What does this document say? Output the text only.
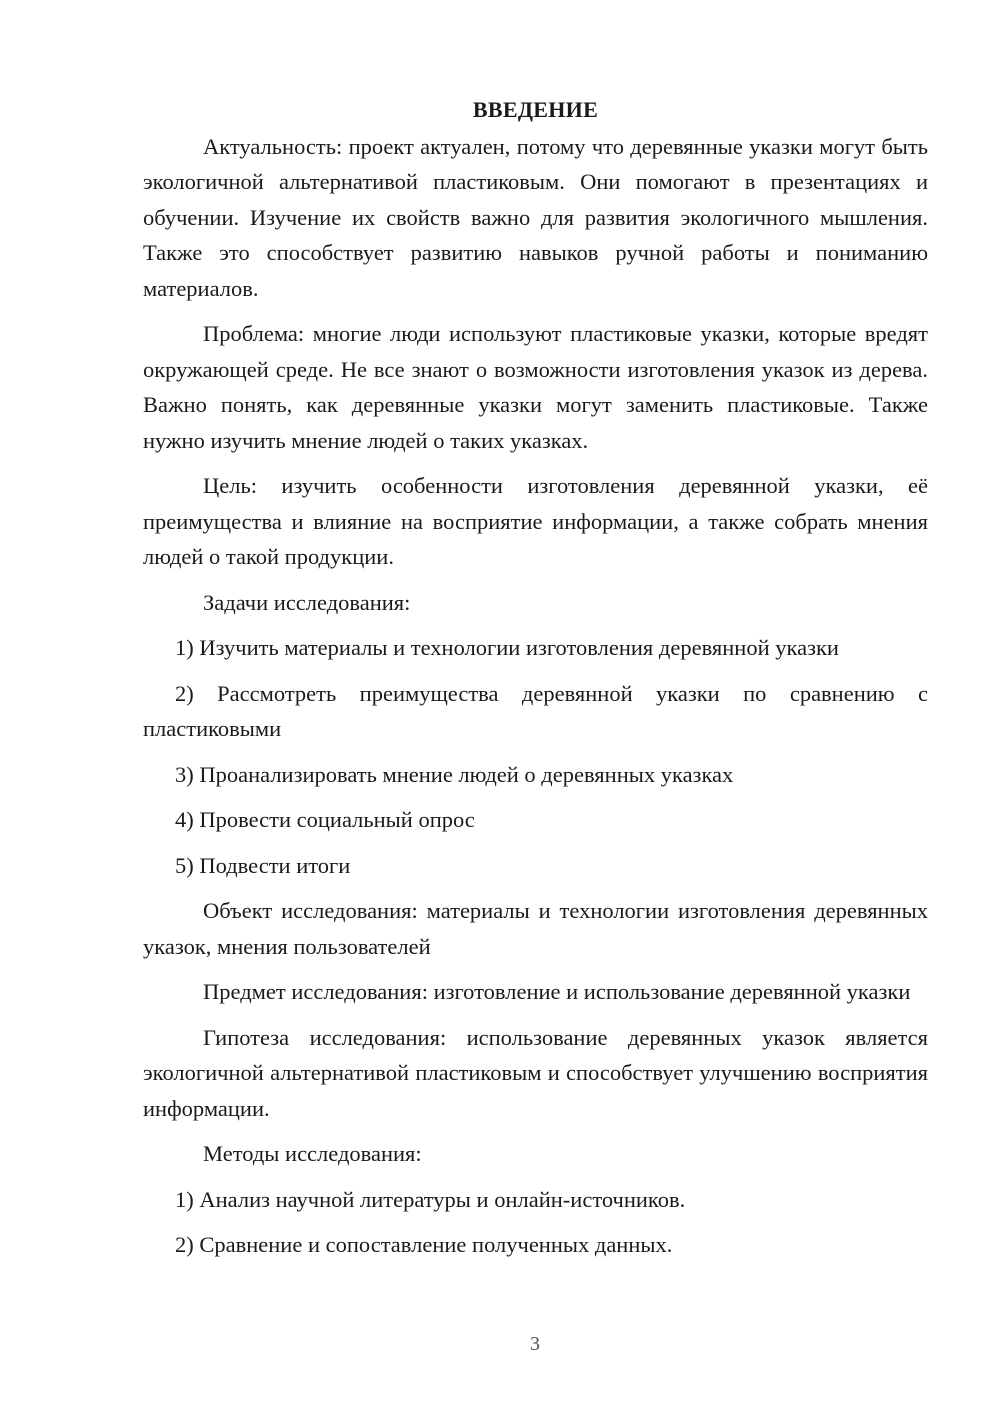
ВВЕДЕНИЕ

Актуальность: проект актуален, потому что деревянные указки могут быть экологичной альтернативой пластиковым. Они помогают в презентациях и обучении. Изучение их свойств важно для развития экологичного мышления. Также это способствует развитию навыков ручной работы и пониманию материалов.

Проблема: многие люди используют пластиковые указки, которые вредят окружающей среде. Не все знают о возможности изготовления указок из дерева. Важно понять, как деревянные указки могут заменить пластиковые. Также нужно изучить мнение людей о таких указках.

Цель: изучить особенности изготовления деревянной указки, её преимущества и влияние на восприятие информации, а также собрать мнения людей о такой продукции.

Задачи исследования:

1) Изучить материалы и технологии изготовления деревянной указки

2) Рассмотреть преимущества деревянной указки по сравнению с пластиковыми

3) Проанализировать мнение людей о деревянных указках

4) Провести социальный опрос

5) Подвести итоги

Объект исследования: материалы и технологии изготовления деревянных указок, мнения пользователей

Предмет исследования: изготовление и использование деревянной указки

Гипотеза исследования: использование деревянных указок является экологичной альтернативой пластиковым и способствует улучшению восприятия информации.

Методы исследования:

1) Анализ научной литературы и онлайн-источников.

2) Сравнение и сопоставление полученных данных.

3
